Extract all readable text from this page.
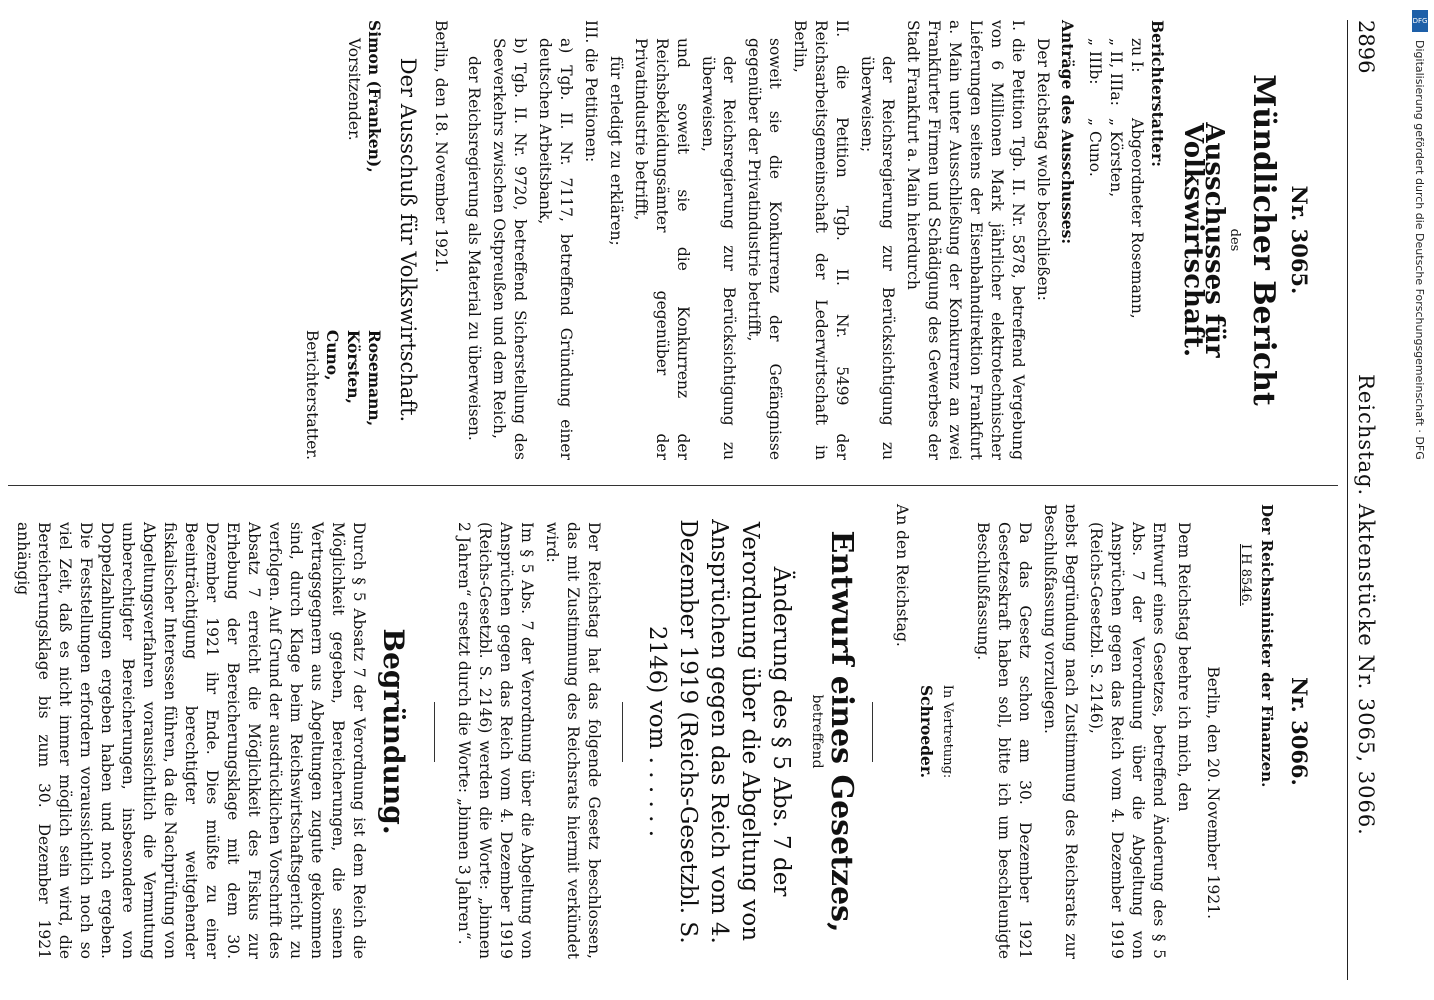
2896
Reichstag. Aktenstücke Nr. 3065, 3066.
Nr. 3065.
Mündlicher Bericht
des
Ausschusses für Volkswirtschaft.
Berichterstatter:
zu I:
Abgeordneter Rosemann,
„ II, IIIa:
„ Körsten,
„ IIIb:
„ Cuno.
Anträge des Ausschusses:

Der Reichstag wolle beschließen:

I. die Petition Tgb. II. Nr. 5878, betreffend Vergebung von 6 Millionen Mark jährlicher elektrotechnischer Lieferungen seitens der Eisenbahndirektion Frankfurt a. Main unter Ausschließung der Konkurrenz an zwei Frankfurter Firmen und Schädigung des Gewerbes der Stadt Frankfurt a. Main hierdurch

der Reichsregierung zur Berücksichtigung zu überweisen;

II. die Petition Tgb. II. Nr. 5499 der Reichsarbeitsgemeinschaft der Lederwirtschaft in Berlin,

soweit sie die Konkurrenz der Gefängnisse gegenüber der Privatindustrie betrifft,

der Reichsregierung zur Berücksichtigung zu überweisen,

und soweit sie die Konkurrenz der Reichsbekleidungsämter gegenüber der Privatindustrie betrifft,

für erledigt zu erklären;

III. die Petitionen:

a) Tgb. II. Nr. 7117, betreffend Gründung einer deutschen Arbeitsbank,

b) Tgb. II. Nr. 9720, betreffend Sicherstellung des Seeverkehrs zwischen Ostpreußen und dem Reich,

der Reichsregierung als Material zu überweisen.

Berlin, den 18. November 1921.

Der Ausschuß für Volkswirtschaft.
Simon (Franken),
Vorsitzender.
Rosemann,
Körsten,
Cuno,
Berichterstatter.
Nr. 3066.
Der Reichsminister der Finanzen.
I H 8546.
Berlin, den 20. November 1921.

Dem Reichstag beehre ich mich, den

Entwurf eines Gesetzes, betreffend Änderung des § 5 Abs. 7 der Verordnung über die Abgeltung von Ansprüchen gegen das Reich vom 4. Dezember 1919 (Reichs-Gesetzbl. S. 2146),

nebst Begründung nach Zustimmung des Reichsrats zur Beschlußfassung vorzulegen.

Da das Gesetz schon am 30. Dezember 1921 Gesetzeskraft haben soll, bitte ich um beschleunigte Beschlußfassung.

In Vertretung:
Schroeder.

An den Reichstag.

Entwurf eines Gesetzes,
betreffend
Änderung des § 5 Abs. 7 der Verordnung über die Abgeltung von Ansprüchen gegen das Reich vom 4. Dezember 1919 (Reichs-Gesetzbl. S. 2146) vom . . . . . .

Der Reichstag hat das folgende Gesetz beschlossen, das mit Zustimmung des Reichsrats hiermit verkündet wird:

Im § 5 Abs. 7 der Verordnung über die Abgeltung von Ansprüchen gegen das Reich vom 4. Dezember 1919 (Reichs-Gesetzbl. S. 2146) werden die Worte: „binnen 2 Jahren“ ersetzt durch die Worte: „binnen 3 Jahren“.

Begründung.

Durch § 5 Absatz 7 der Verordnung ist dem Reich die Möglichkeit gegeben, Bereicherungen, die seinen Vertragsgegnern aus Abgeltungen zugute gekommen sind, durch Klage beim Reichswirtschaftsgericht zu verfolgen. Auf Grund der ausdrücklichen Vorschrift des Absatz 7 erreicht die Möglichkeit des Fiskus zur Erhebung der Bereicherungsklage mit dem 30. Dezember 1921 ihr Ende. Dies müßte zu einer Beeinträchtigung berechtigter weitgehender fiskalischer Interessen führen, da die Nachprüfung von Abgeltungsverfahren voraussichtlich die Vermutung unberechtigter Bereicherungen, insbesondere von Doppelzahlungen ergeben haben und noch ergeben. Die Feststellungen erfordern voraussichtlich noch so viel Zeit, daß es nicht immer möglich sein wird, die Bereicherungsklage bis zum 30. Dezember 1921 anhängig

DFG
Digitalisierung gefördert durch die Deutsche Forschungsgemeinschaft · DFG
